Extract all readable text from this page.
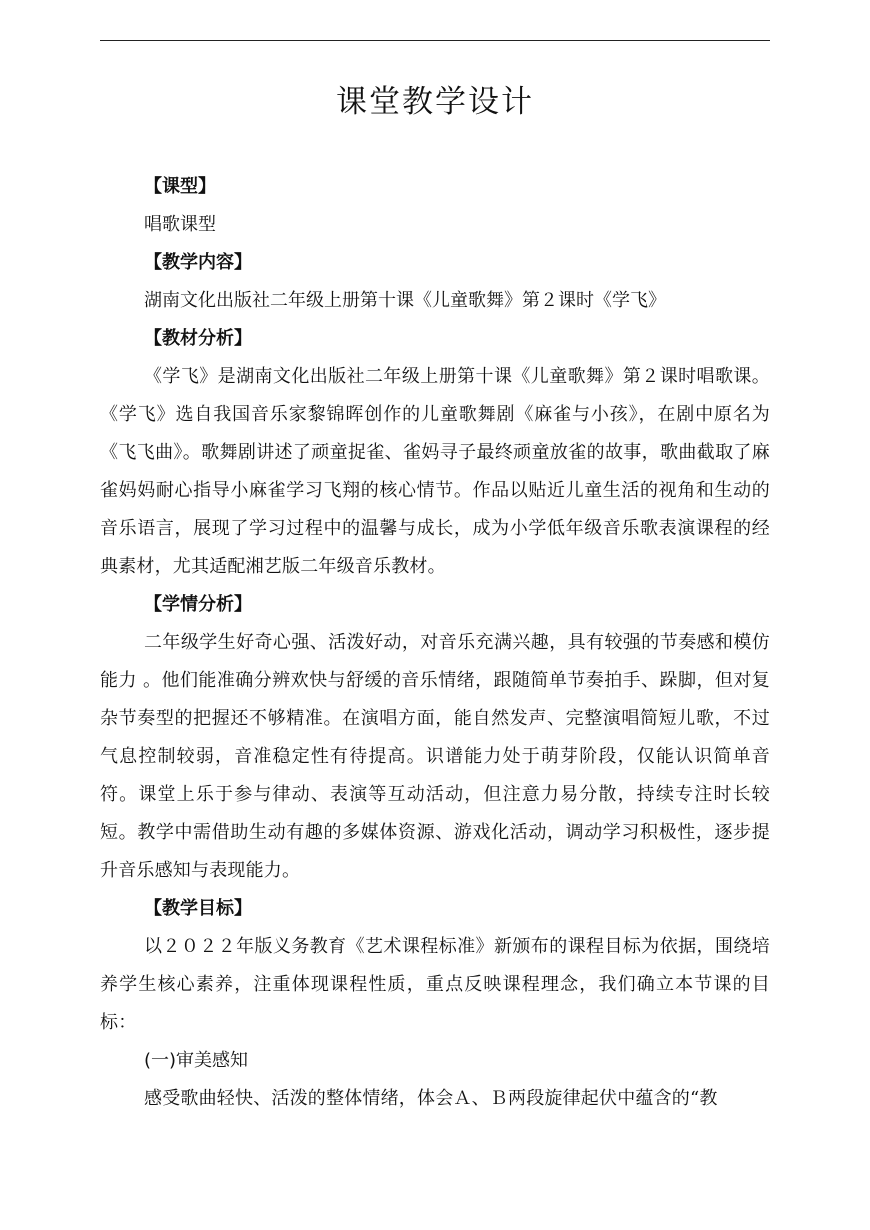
课堂教学设计
【课型】
唱歌课型
【教学内容】
湖南文化出版社二年级上册第十课《儿童歌舞》第２课时《学飞》
【教材分析】

《学飞》是湖南文化出版社二年级上册第十课《儿童歌舞》第２课时唱歌课。《学飞》选自我国音乐家黎锦晖创作的儿童歌舞剧《麻雀与小孩》，在剧中原名为《飞飞曲》。歌舞剧讲述了顽童捉雀、雀妈寻子最终顽童放雀的故事，歌曲截取了麻雀妈妈耐心指导小麻雀学习飞翔的核心情节。作品以贴近儿童生活的视角和生动的音乐语言，展现了学习过程中的温馨与成长，成为小学低年级音乐歌表演课程的经典素材，尤其适配湘艺版二年级音乐教材。

【学情分析】

二年级学生好奇心强、活泼好动，对音乐充满兴趣，具有较强的节奏感和模仿能力 。他们能准确分辨欢快与舒缓的音乐情绪，跟随简单节奏拍手、跺脚，但对复杂节奏型的把握还不够精准。在演唱方面，能自然发声、完整演唱简短儿歌，不过气息控制较弱，音准稳定性有待提高。识谱能力处于萌芽阶段，仅能认识简单音符。课堂上乐于参与律动、表演等互动活动，但注意力易分散，持续专注时长较短。教学中需借助生动有趣的多媒体资源、游戏化活动，调动学习积极性，逐步提升音乐感知与表现能力。

【教学目标】

以２０２２年版义务教育《艺术课程标准》新颁布的课程目标为依据，围绕培养学生核心素养，注重体现课程性质，重点反映课程理念，我们确立本节课的目标：

(一)审美感知

感受歌曲轻快、活泼的整体情绪，体会Ａ、Ｂ两段旋律起伏中蕴含的“教
